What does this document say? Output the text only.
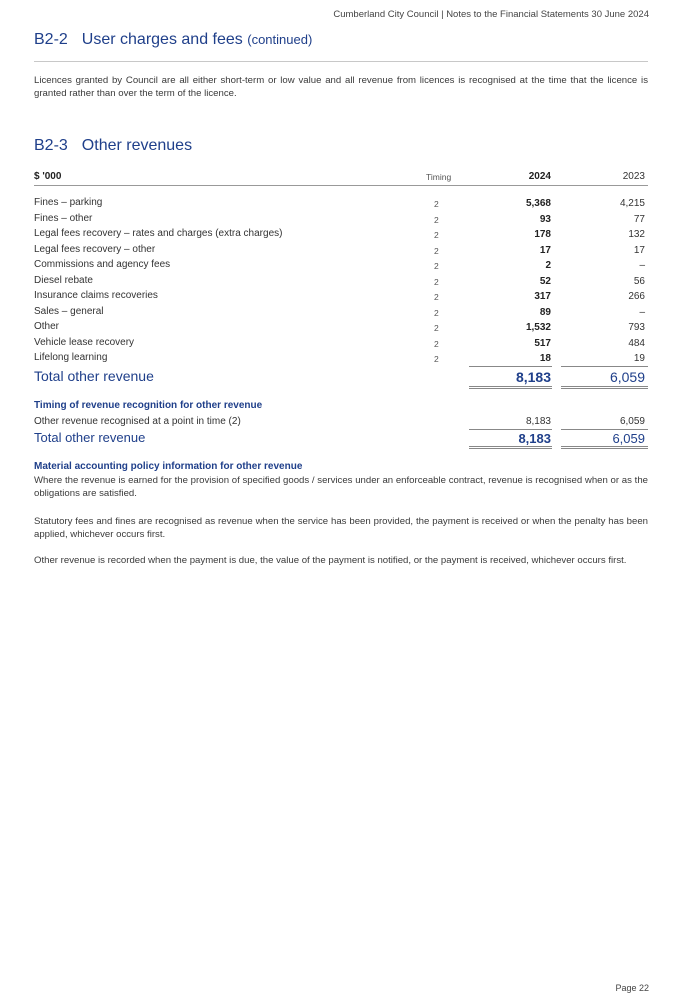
Cumberland City Council | Notes to the Financial Statements 30 June 2024
B2-2 User charges and fees (continued)
Licences granted by Council are all either short-term or low value and all revenue from licences is recognised at the time that the licence is granted rather than over the term of the licence.
B2-3 Other revenues
$ '000	Timing	2024	2023
Fines – parking	2	5,368	4,215
Fines – other	2	93	77
Legal fees recovery – rates and charges (extra charges)	2	178	132
Legal fees recovery – other	2	17	17
Commissions and agency fees	2	2	–
Diesel rebate	2	52	56
Insurance claims recoveries	2	317	266
Sales – general	2	89	–
Other	2	1,532	793
Vehicle lease recovery	2	517	484
Lifelong learning	2	18	19
Total other revenue	8,183	6,059
Timing of revenue recognition for other revenue
Other revenue recognised at a point in time (2)	8,183	6,059
Total other revenue	8,183	6,059
Material accounting policy information for other revenue
Where the revenue is earned for the provision of specified goods / services under an enforceable contract, revenue is recognised when or as the obligations are satisfied.
Statutory fees and fines are recognised as revenue when the service has been provided, the payment is received or when the penalty has been applied, whichever occurs first.
Other revenue is recorded when the payment is due, the value of the payment is notified, or the payment is received, whichever occurs first.
Page 22
